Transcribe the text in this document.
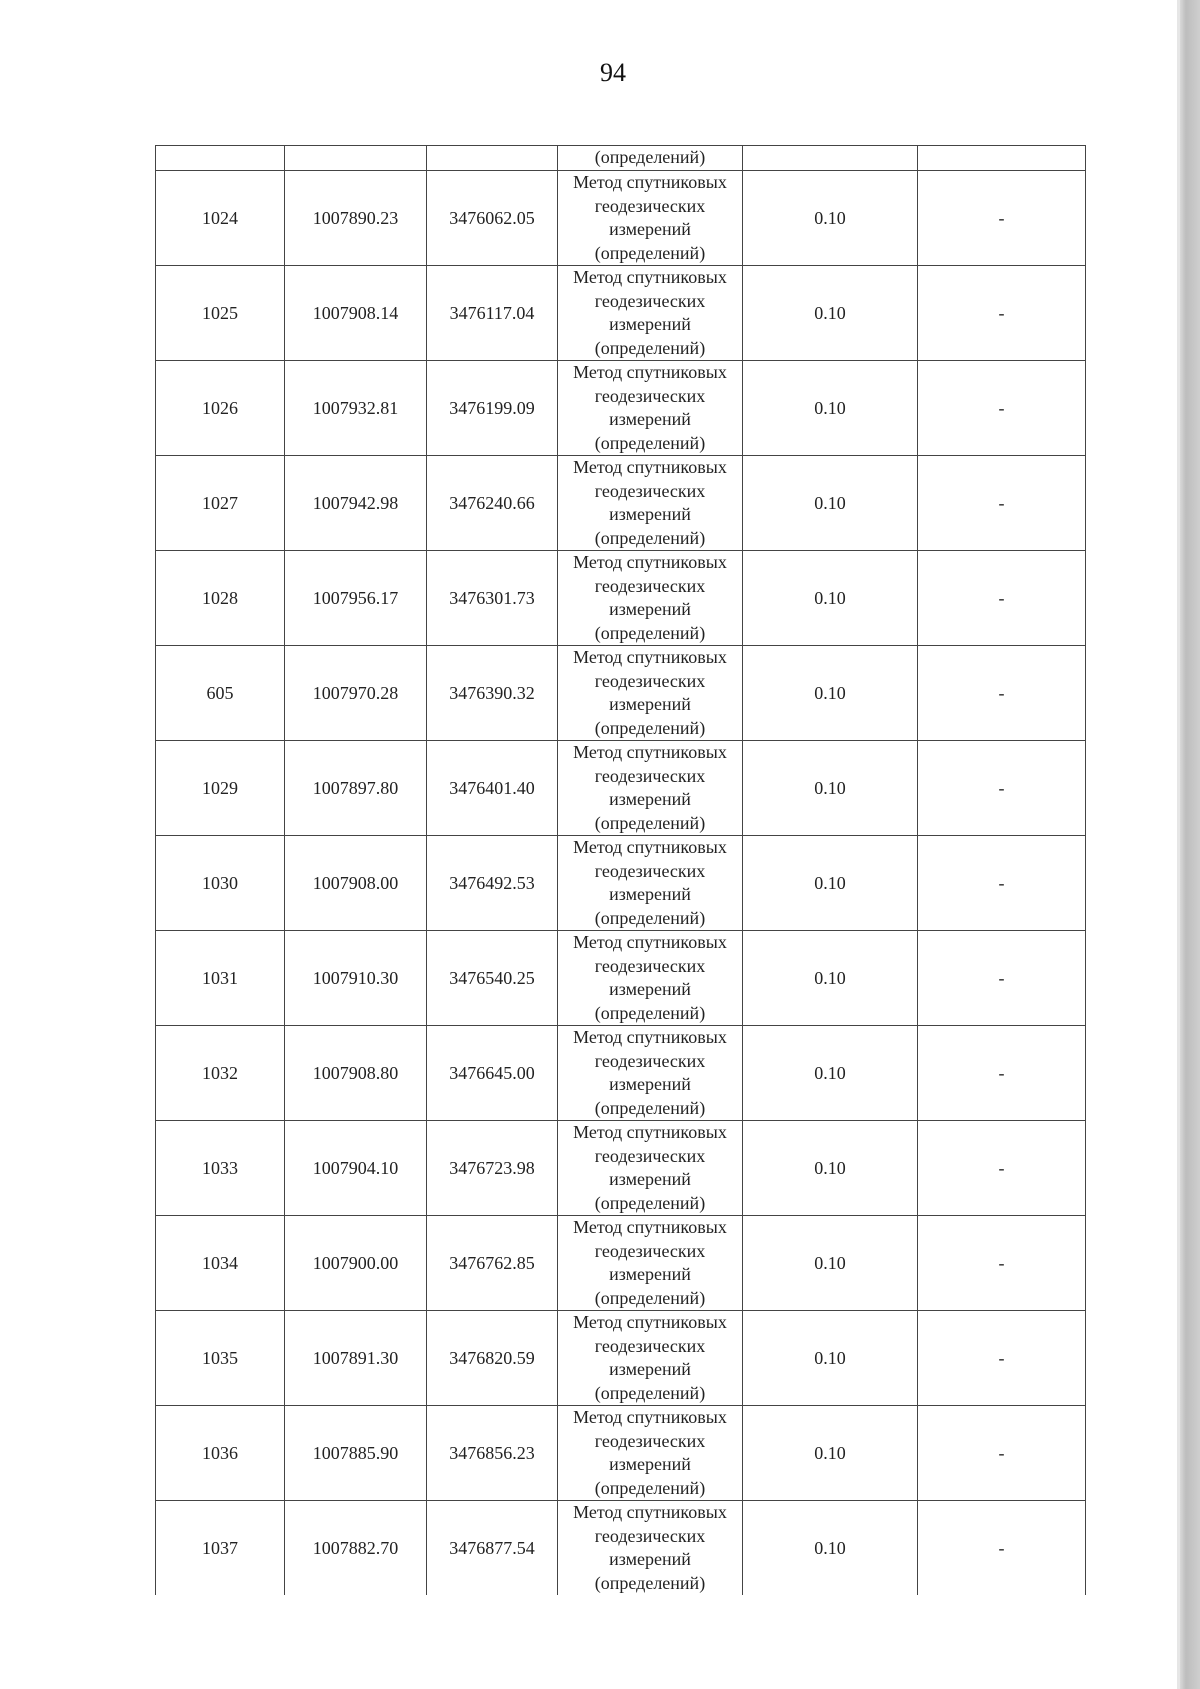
94
			(определений)		
1024	1007890.23	3476062.05	Метод спутниковых
геодезических
измерений
(определений)	0.10	-
1025	1007908.14	3476117.04	Метод спутниковых
геодезических
измерений
(определений)	0.10	-
1026	1007932.81	3476199.09	Метод спутниковых
геодезических
измерений
(определений)	0.10	-
1027	1007942.98	3476240.66	Метод спутниковых
геодезических
измерений
(определений)	0.10	-
1028	1007956.17	3476301.73	Метод спутниковых
геодезических
измерений
(определений)	0.10	-
605	1007970.28	3476390.32	Метод спутниковых
геодезических
измерений
(определений)	0.10	-
1029	1007897.80	3476401.40	Метод спутниковых
геодезических
измерений
(определений)	0.10	-
1030	1007908.00	3476492.53	Метод спутниковых
геодезических
измерений
(определений)	0.10	-
1031	1007910.30	3476540.25	Метод спутниковых
геодезических
измерений
(определений)	0.10	-
1032	1007908.80	3476645.00	Метод спутниковых
геодезических
измерений
(определений)	0.10	-
1033	1007904.10	3476723.98	Метод спутниковых
геодезических
измерений
(определений)	0.10	-
1034	1007900.00	3476762.85	Метод спутниковых
геодезических
измерений
(определений)	0.10	-
1035	1007891.30	3476820.59	Метод спутниковых
геодезических
измерений
(определений)	0.10	-
1036	1007885.90	3476856.23	Метод спутниковых
геодезических
измерений
(определений)	0.10	-
1037	1007882.70	3476877.54	Метод спутниковых
геодезических
измерений
(определений)	0.10	-
